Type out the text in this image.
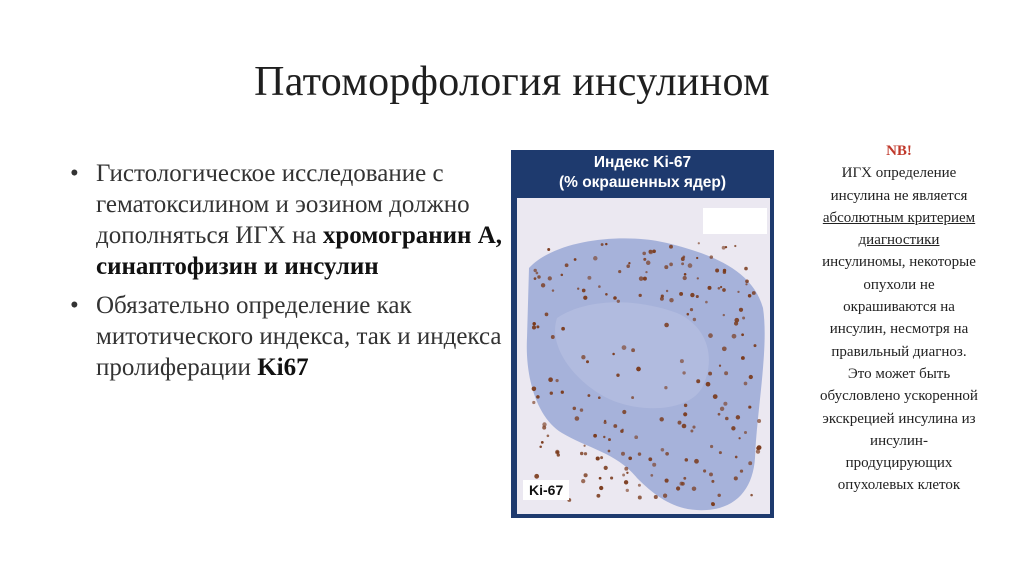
Патоморфология инсулином
• Гистологическое исследование с гематоксилином и эозином должно дополняться ИГХ на хромогранин А, синаптофизин и инсулин
• Обязательно определение как митотического индекса, так и индекса пролиферации Ki67
Индекс Ki-67
(% окрашенных ядер)
Ki-67
NB!
ИГХ определение
инсулина не является
абсолютным критерием
диагностики
инсулиномы, некоторые
опухоли не
окрашиваются на
инсулин, несмотря на
правильный диагноз.
Это может быть
обусловлено ускоренной
экскрецией инсулина из
инсулин-
продуцирующих
опухолевых клеток
